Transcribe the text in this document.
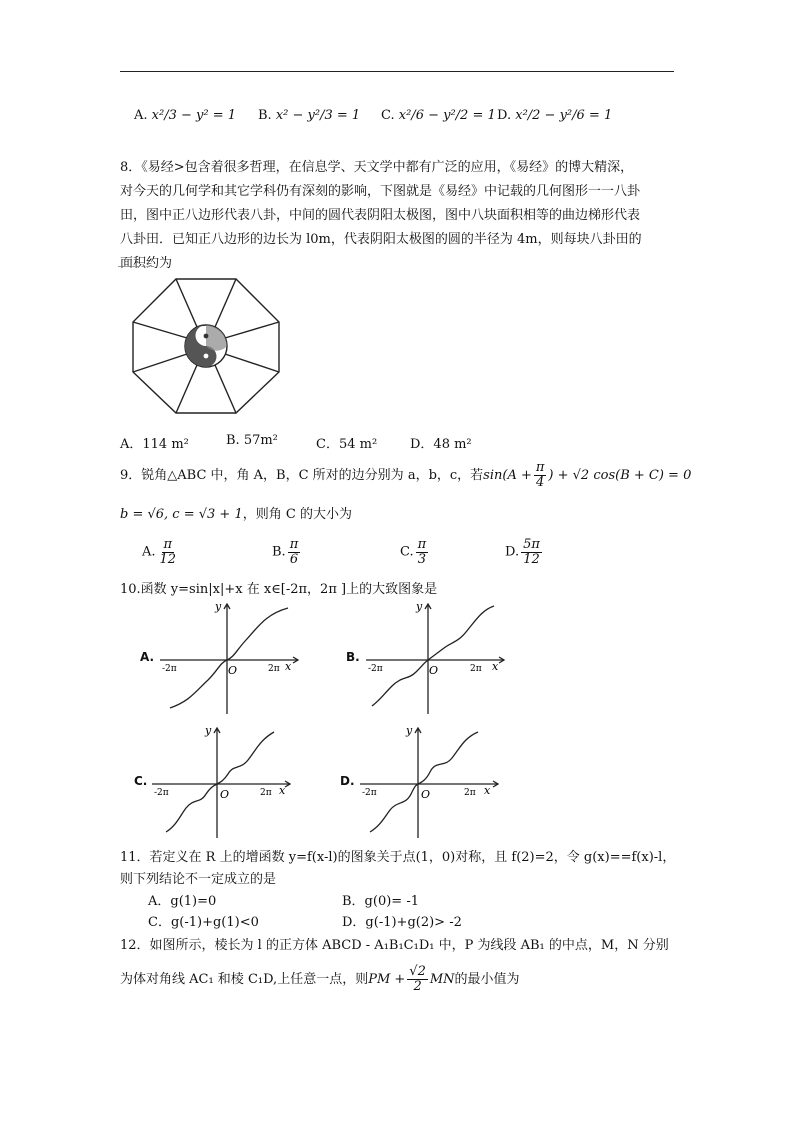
A. x²/3 − y² = 1 B. x² − y²/3 = 1 C. x²/6 − y²/2 = 1 D. x²/2 − y²/6 = 1
8．《易经>包含着很多哲理，在信息学、天文学中都有广泛的应用，《易经》的博大精深，
对今天的几何学和其它学科仍有深刻的影响，下图就是《易经》中记载的几何图形一一八卦
田，图中正八边形代表八卦，中间的圆代表阴阳太极图，图中八块面积相等的曲边梯形代表
八卦田．已知正八边形的边长为 l0m，代表阴阳太极图的圆的半径为 4m，则每块八卦田的
面积约为
A．114 m²	B. 57m²	C．54 m²	D．48 m²
9．锐角△ABC 中，角 A，B，C 所对的边分别为 a，b，c，若$\sin(A + \frac{\pi}{4}$ ) + √2 cos(B + C) = 0
b = √6, c = √3 + 1，则角 C 的大小为
A. $\frac{\pi}{12}$	B. $\frac{\pi}{6}$	C. $\frac{\pi}{3}$	D. $\frac{5\pi}{12}$
10.函数 y=sin|x|+x 在 x∈[-2π，2π ]上的大致图象是
A.	B.
C.	D.
y
x
O
-2π	2π
y
x
O
-2π	2π
y
x
O
-2π	2π
y
x
O
-2π	2π
11．若定义在 R 上的增函数 y=f(x-l)的图象关于点(1，0)对称，且 f(2)=2，令 g(x)==f(x)-l，
则下列结论不一定成立的是
A．g(1)=0	B．g(0)= -1
C．g(-1)+g(1)<0	D．g(-1)+g(2)> -2
12．如图所示，棱长为 l 的正方体 ABCD - A₁B₁C₁D₁ 中，P 为线段 AB₁ 的中点，M，N 分别
为体对角线 AC₁ 和棱 C₁D,上任意一点，则PM + $\frac{√2}{2}$ MN的最小值为
